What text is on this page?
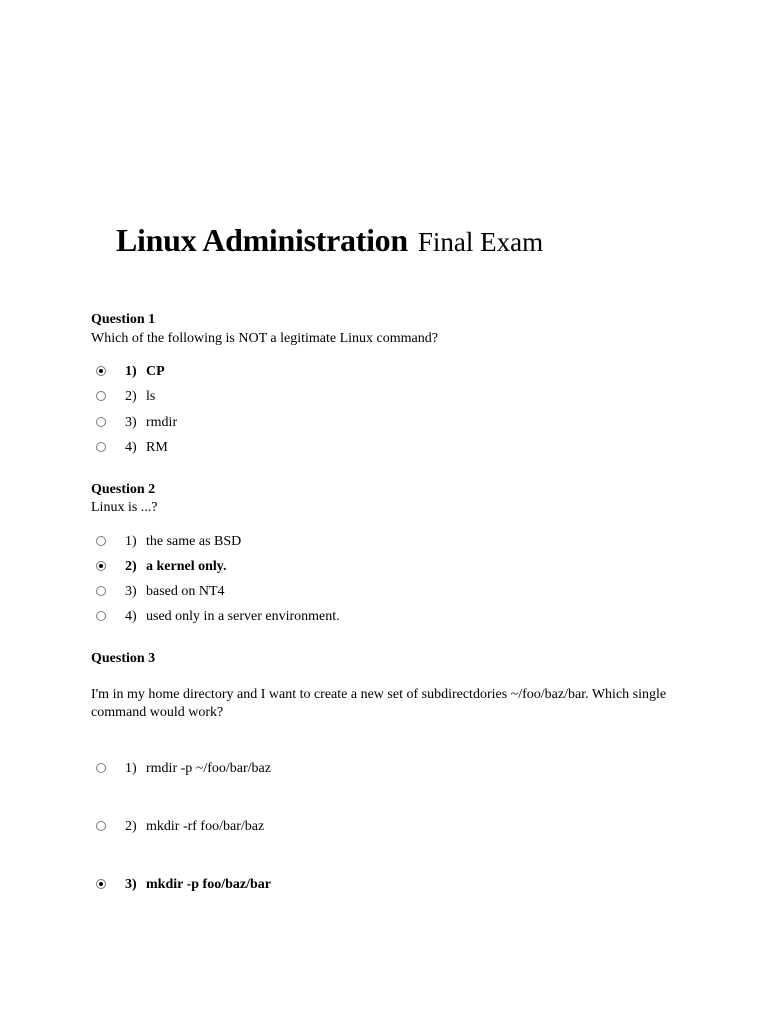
Linux Administration Final Exam
Question 1
Which of the following is NOT a legitimate Linux command?
1) CP
2) ls
3) rmdir
4) RM
Question 2
Linux is ...?
1) the same as BSD
2) a kernel only.
3) based on NT4
4) used only in a server environment.
Question 3
I'm in my home directory and I want to create a new set of subdirectdories ~/foo/baz/bar. Which single command would work?
1) rmdir -p ~/foo/bar/baz
2) mkdir -rf foo/bar/baz
3) mkdir -p foo/baz/bar
